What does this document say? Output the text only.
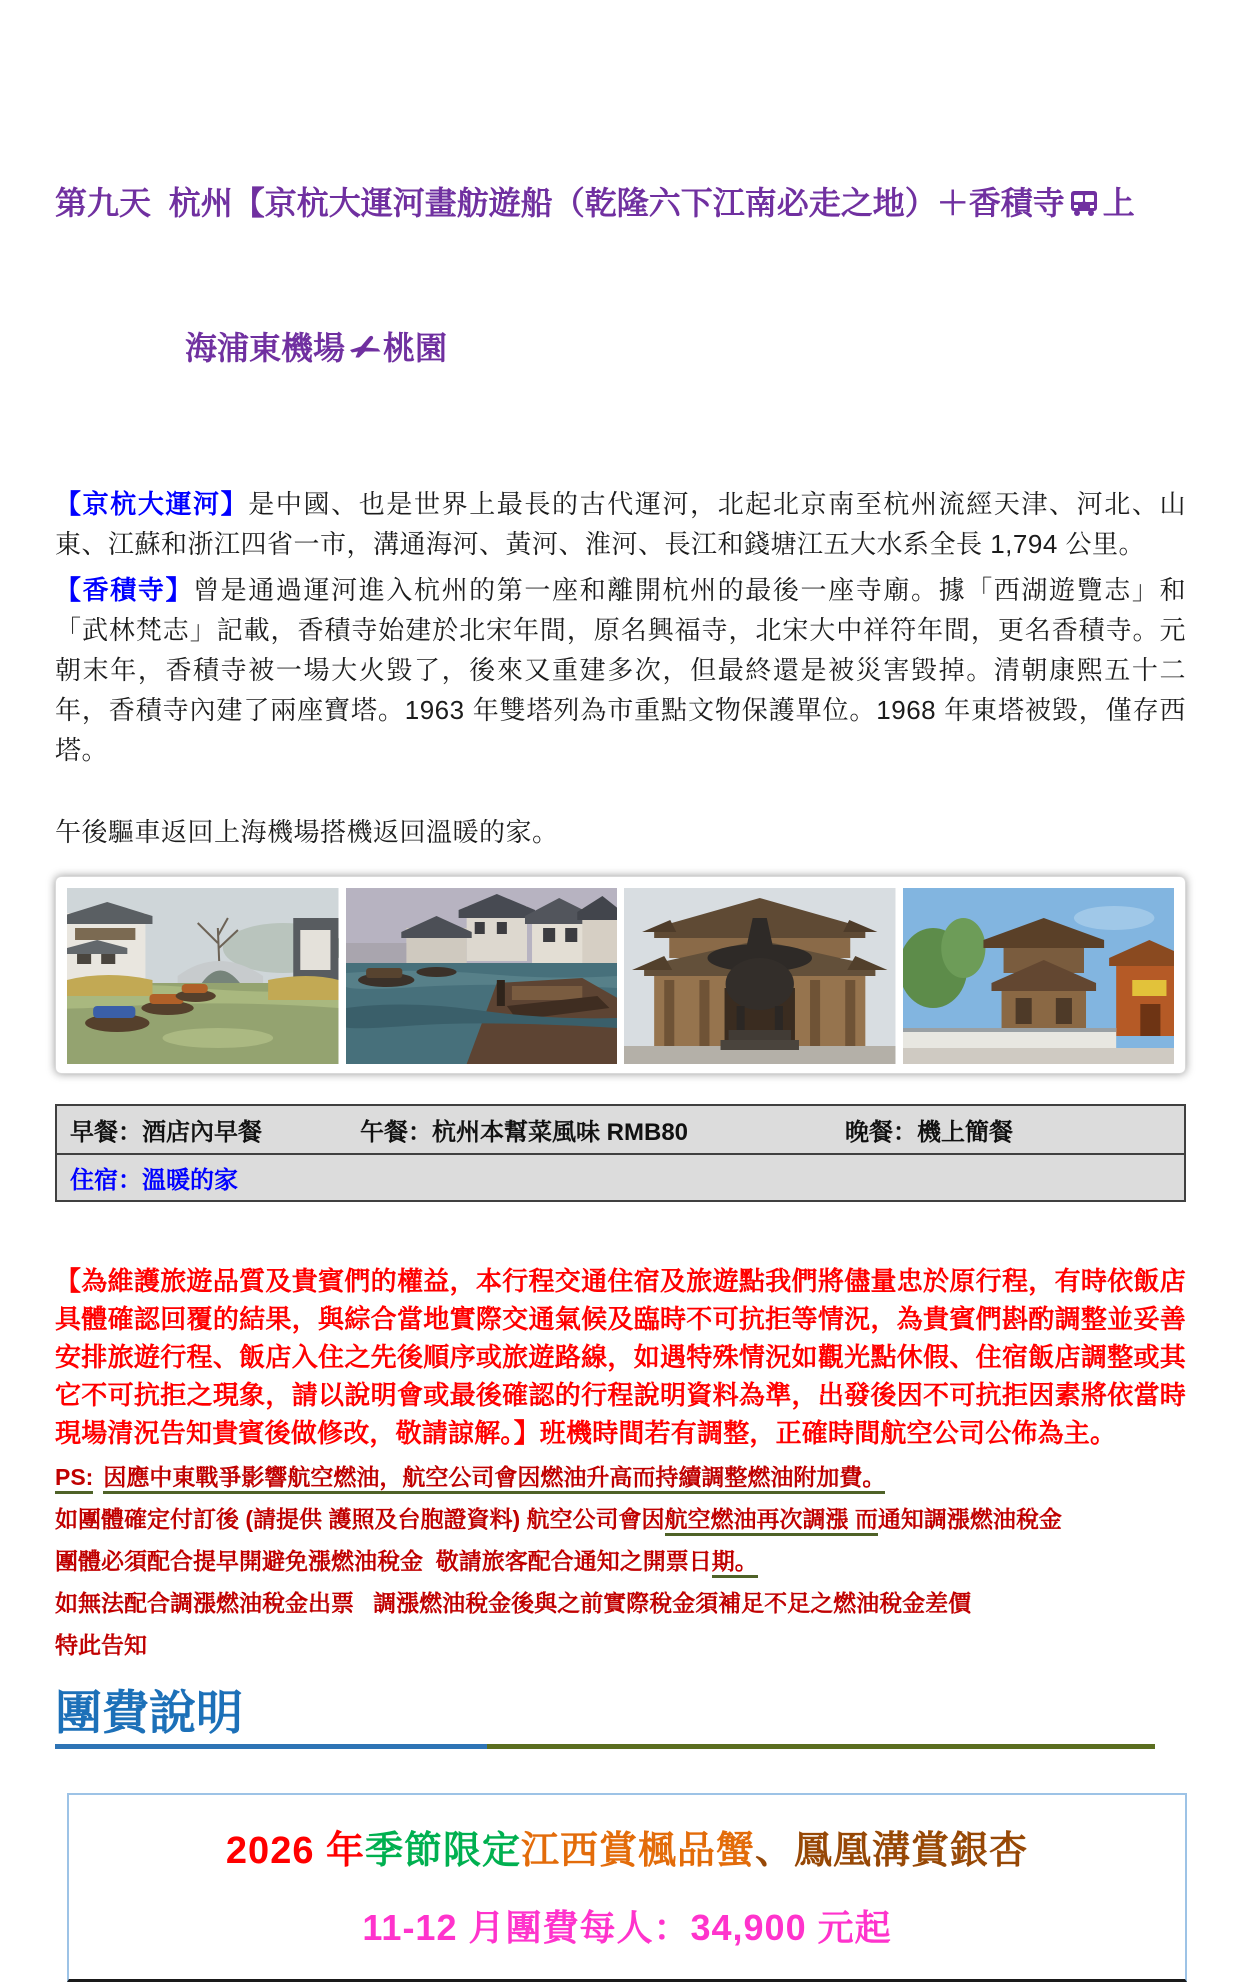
第九天  杭州【京杭大運河畫舫遊船（乾隆六下江南必走之地）＋香積寺 上

海浦東機場 桃園

【京杭大運河】是中國、也是世界上最長的古代運河，北起北京南至杭州流經天津、河北、山東、江蘇和浙江四省一市，溝通海河、黃河、淮河、長江和錢塘江五大水系全長 1,794 公里。
【香積寺】曾是通過運河進入杭州的第一座和離開杭州的最後一座寺廟。據「西湖遊覽志」和「武林梵志」記載，香積寺始建於北宋年間，原名興福寺，北宋大中祥符年間，更名香積寺。元朝末年，香積寺被一場大火毀了，後來又重建多次，但最終還是被災害毀掉。清朝康熙五十二年，香積寺內建了兩座寶塔。1963 年雙塔列為市重點文物保護單位。1968 年東塔被毀，僅存西塔。
午後驅車返回上海機場搭機返回溫暖的家。
早餐：酒店內早餐	午餐：杭州本幫菜風味 RMB80	晚餐：機上簡餐
住宿：溫暖的家
【為維護旅遊品質及貴賓們的權益，本行程交通住宿及旅遊點我們將儘量忠於原行程，有時依飯店具體確認回覆的結果，與綜合當地實際交通氣候及臨時不可抗拒等情況，為貴賓們斟酌調整並妥善安排旅遊行程、飯店入住之先後順序或旅遊路線，如遇特殊情況如觀光點休假、住宿飯店調整或其它不可抗拒之現象，請以說明會或最後確認的行程說明資料為準，出發後因不可抗拒因素將依當時現場清況告知貴賓後做修改，敬請諒解。】班機時間若有調整，正確時間航空公司公佈為主。
PS: 因應中東戰爭影響航空燃油，航空公司會因燃油升高而持續調整燃油附加費。
如團體確定付訂後 (請提供 護照及台胞證資料) 航空公司會因航空燃油再次調漲 而通知調漲燃油稅金
團體必須配合提早開避免漲燃油稅金  敬請旅客配合通知之開票日期。
如無法配合調漲燃油稅金出票   調漲燃油稅金後與之前實際稅金須補足不足之燃油稅金差價
特此告知
團費說明
2026 年季節限定江西賞楓品蟹、鳳凰溝賞銀杏
11-12 月團費每人：34,900 元起
